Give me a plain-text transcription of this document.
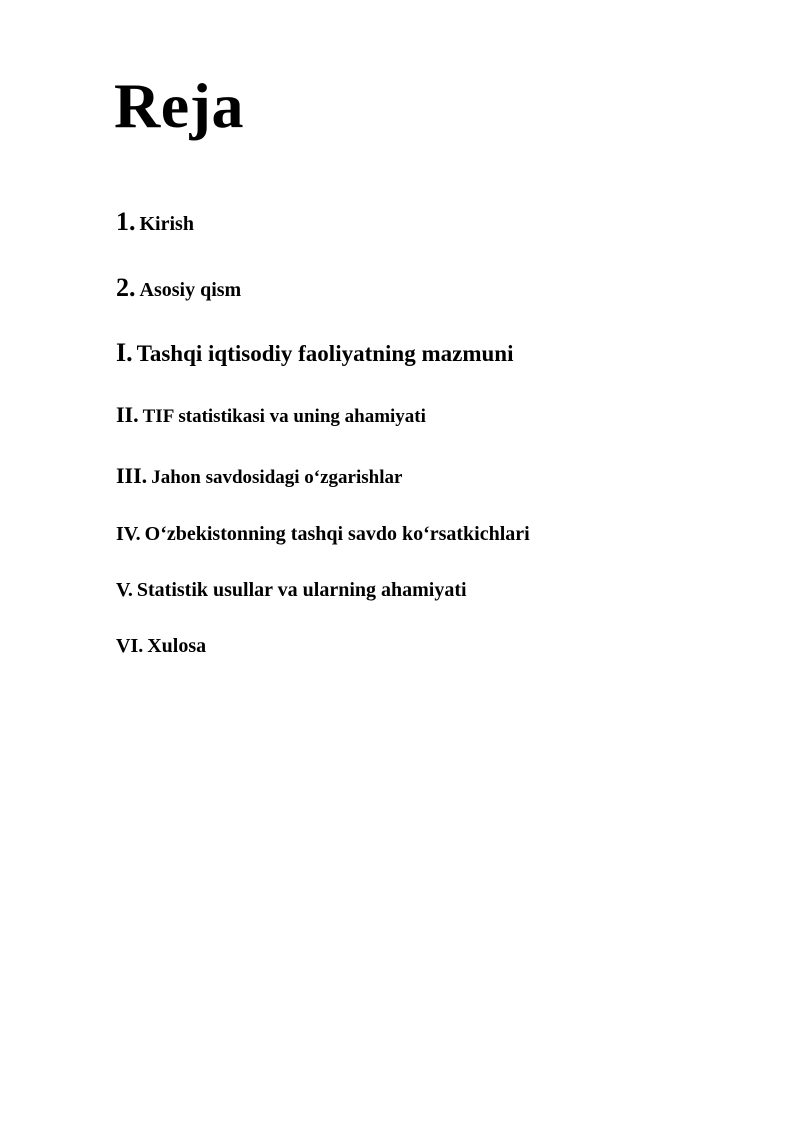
Reja
1. Kirish
2. Asosiy qism
I. Tashqi iqtisodiy faoliyatning mazmuni
II. TIF statistikasi va uning ahamiyati
III. Jahon savdosidagi o‘zgarishlar
IV. O‘zbekistonning tashqi savdo ko‘rsatkichlari
V. Statistik usullar va ularning ahamiyati
VI. Xulosa
